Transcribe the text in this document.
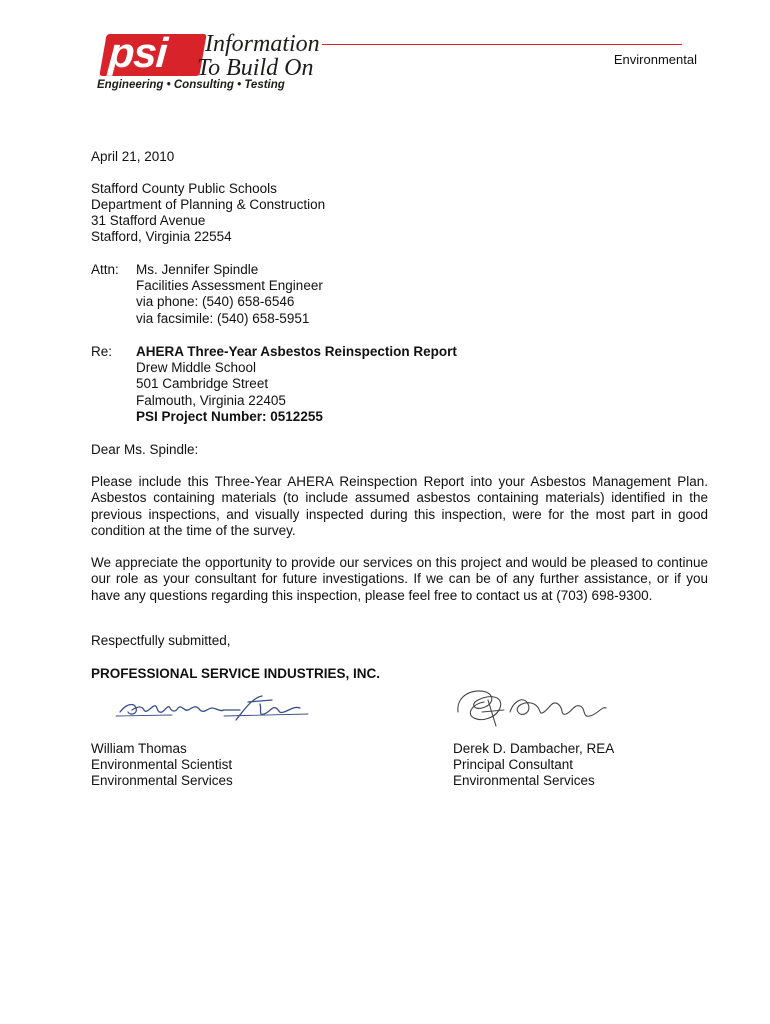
psi Information
To Build On
Engineering • Consulting • Testing
Environmental
April 21, 2010
Stafford County Public Schools
Department of Planning & Construction
31 Stafford Avenue
Stafford, Virginia 22554
Attn: Ms. Jennifer Spindle
Facilities Assessment Engineer
via phone: (540) 658-6546
via facsimile: (540) 658-5951
Re: AHERA Three-Year Asbestos Reinspection Report
Drew Middle School
501 Cambridge Street
Falmouth, Virginia 22405
PSI Project Number: 0512255
Dear Ms. Spindle:
Please include this Three-Year AHERA Reinspection Report into your Asbestos Management Plan. Asbestos containing materials (to include assumed asbestos containing materials) identified in the previous inspections, and visually inspected during this inspection, were for the most part in good condition at the time of the survey.
We appreciate the opportunity to provide our services on this project and would be pleased to continue our role as your consultant for future investigations. If we can be of any further assistance, or if you have any questions regarding this inspection, please feel free to contact us at (703) 698-9300.
Respectfully submitted,
PROFESSIONAL SERVICE INDUSTRIES, INC.
William Thomas
Environmental Scientist
Environmental Services
Derek D. Dambacher, REA
Principal Consultant
Environmental Services
